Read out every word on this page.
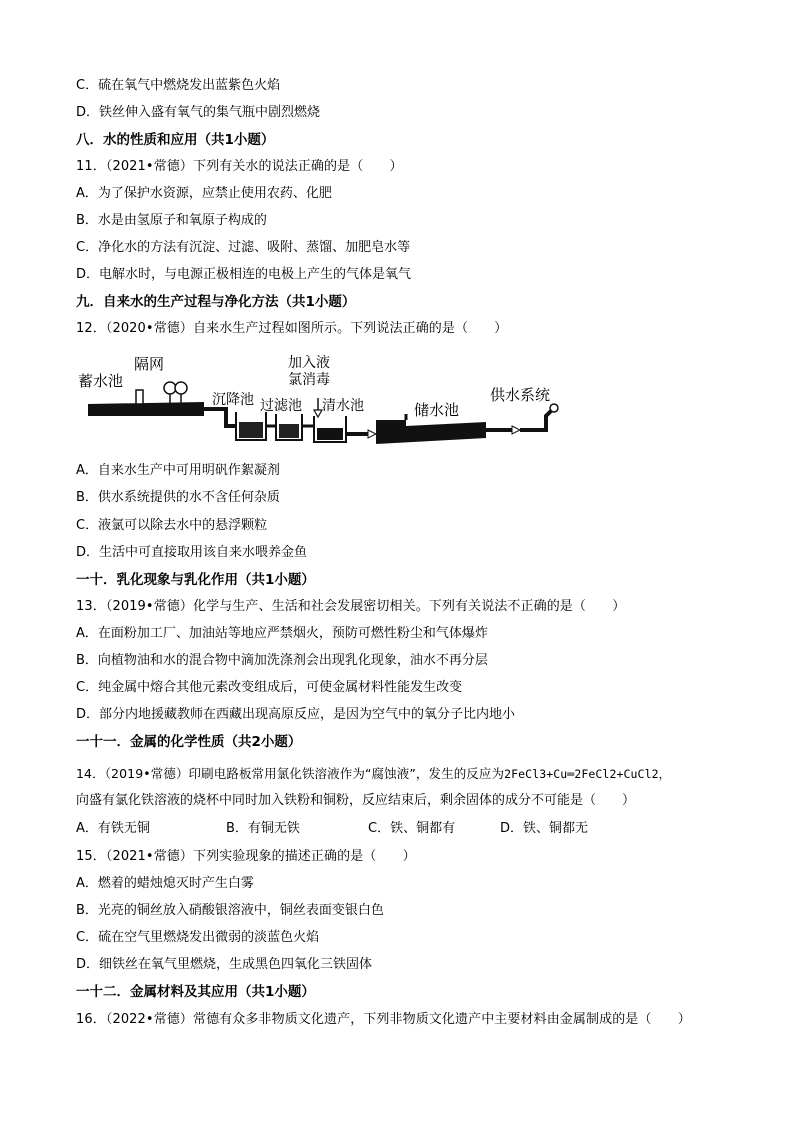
C．硫在氧气中燃烧发出蓝紫色火焰
D．铁丝伸入盛有氧气的集气瓶中剧烈燃烧
八．水的性质和应用（共1小题）
11．（2021•常德）下列有关水的说法正确的是（　　）
A．为了保护水资源，应禁止使用农药、化肥
B．水是由氢原子和氧原子构成的
C．净化水的方法有沉淀、过滤、吸附、蒸馏、加肥皂水等
D．电解水时，与电源正极相连的电极上产生的气体是氧气
九．自来水的生产过程与净化方法（共1小题）
12．（2020•常德）自来水生产过程如图所示。下列说法正确的是（　　）
蓄水池
隔网	加入液
氯消毒
沉降池 过滤池 清水池	储水池
供水系统
A．自来水生产中可用明矾作絮凝剂
B．供水系统提供的水不含任何杂质
C．液氯可以除去水中的悬浮颗粒
D．生活中可直接取用该自来水喂养金鱼
一十．乳化现象与乳化作用（共1小题）
13．（2019•常德）化学与生产、生活和社会发展密切相关。下列有关说法不正确的是（　　）
A．在面粉加工厂、加油站等地应严禁烟火，预防可燃性粉尘和气体爆炸
B．向植物油和水的混合物中滴加洗涤剂会出现乳化现象，油水不再分层
C．纯金属中熔合其他元素改变组成后，可使金属材料性能发生改变
D．部分内地援藏教师在西藏出现高原反应，是因为空气中的氧分子比内地小
一十一．金属的化学性质（共2小题）
14．（2019•常德）印刷电路板常用氯化铁溶液作为“腐蚀液”，发生的反应为2FeCl3+Cu═2FeCl2+CuCl2，
向盛有氯化铁溶液的烧杯中同时加入铁粉和铜粉，反应结束后，剩余固体的成分不可能是（　　）
A．有铁无铜	B．有铜无铁	C．铁、铜都有	D．铁、铜都无
15．（2021•常德）下列实验现象的描述正确的是（　　）
A．燃着的蜡烛熄灭时产生白雾
B．光亮的铜丝放入硝酸银溶液中，铜丝表面变银白色
C．硫在空气里燃烧发出微弱的淡蓝色火焰
D．细铁丝在氧气里燃烧，生成黑色四氧化三铁固体
一十二．金属材料及其应用（共1小题）
16．（2022•常德）常德有众多非物质文化遗产，下列非物质文化遗产中主要材料由金属制成的是（　　）
